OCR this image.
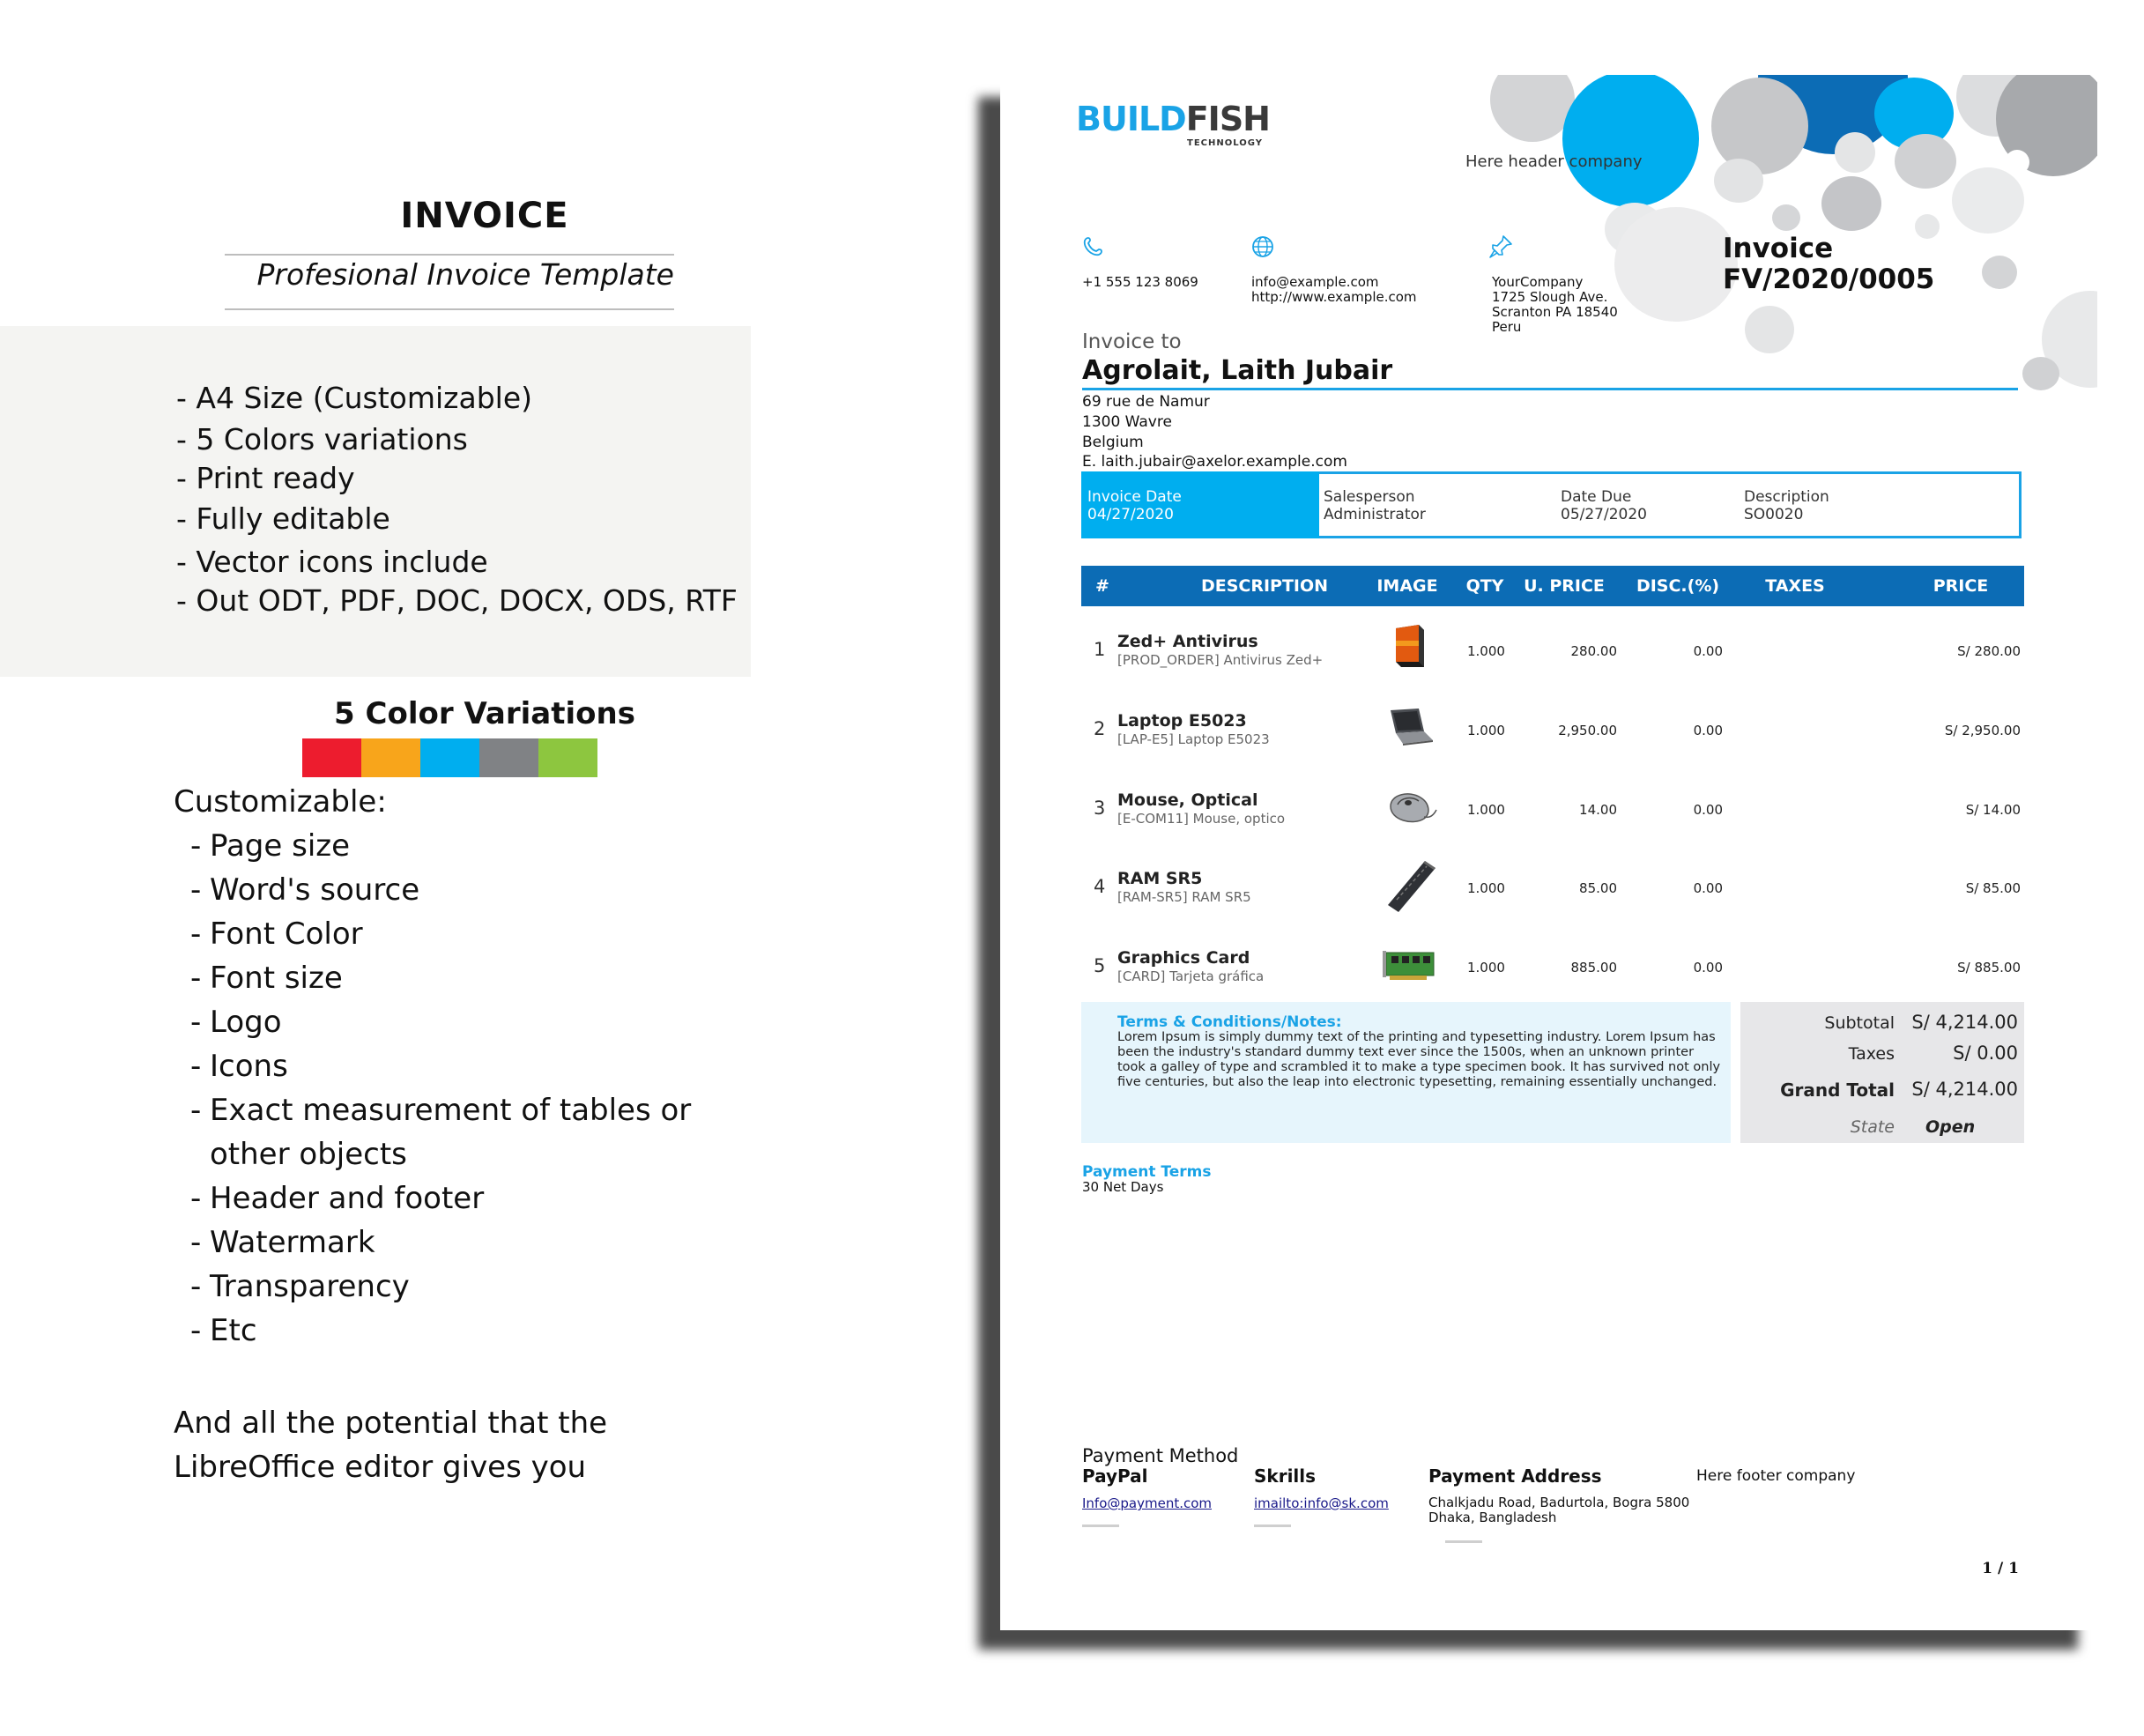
INVOICE
Profesional Invoice Template
- A4 Size (Customizable)
- 5 Colors variations
- Print ready
- Fully editable
- Vector icons include
- Out ODT, PDF, DOC, DOCX, ODS, RTF
5 Color Variations
Customizable:
- Page size
- Word's source
- Font Color
- Font size
- Logo
- Icons
- Exact measurement of tables or
other objects
- Header and footer
- Watermark
- Transparency
- Etc
And all the potential that the
LibreOffice editor gives you
BUILDFISH
TECHNOLOGY
Here header company
+1 555 123 8069	info@example.com
http://www.example.com
YourCompany
1725 Slough Ave.
Scranton PA 18540
Peru
Invoice
FV/2020/0005
Invoice to
Agrolait, Laith Jubair
69 rue de Namur
1300 Wavre
Belgium
E. laith.jubair@axelor.example.com
Invoice Date
04/27/2020
Salesperson
Administrator
Date Due
05/27/2020
Description
SO0020
#	DESCRIPTION	IMAGE	QTY	U. PRICE	DISC.(%)	TAXES	PRICE
1 Zed+ Antivirus
[PROD_ORDER] Antivirus Zed+
1.000	280.00	0.00	S/ 280.00
2 Laptop E5023
[LAP-E5] Laptop E5023
1.000	2,950.00	0.00	S/ 2,950.00
3 Mouse, Optical
[E-COM11] Mouse, optico
1.000	14.00	0.00	S/ 14.00
4 RAM SR5
[RAM-SR5] RAM SR5
1.000	85.00	0.00	S/ 85.00
5 Graphics Card
[CARD] Tarjeta gráfica
1.000	885.00	0.00	S/ 885.00
Terms & Conditions/Notes:
Lorem Ipsum is simply dummy text of the printing and typesetting industry. Lorem Ipsum has been the industry's standard dummy text ever since the 1500s, when an unknown printer took a galley of type and scrambled it to make a type specimen book. It has survived not only five centuries, but also the leap into electronic typesetting, remaining essentially unchanged.
Subtotal S/ 4,214.00
Taxes	S/ 0.00
Grand Total S/ 4,214.00
State Open
Payment Terms
30 Net Days
Payment Method
PayPal
Info@payment.com
Skrills
imailto:info@sk.com
Payment Address
Chalkjadu Road, Badurtola, Bogra 5800
Dhaka, Bangladesh
Here footer company
1 / 1
